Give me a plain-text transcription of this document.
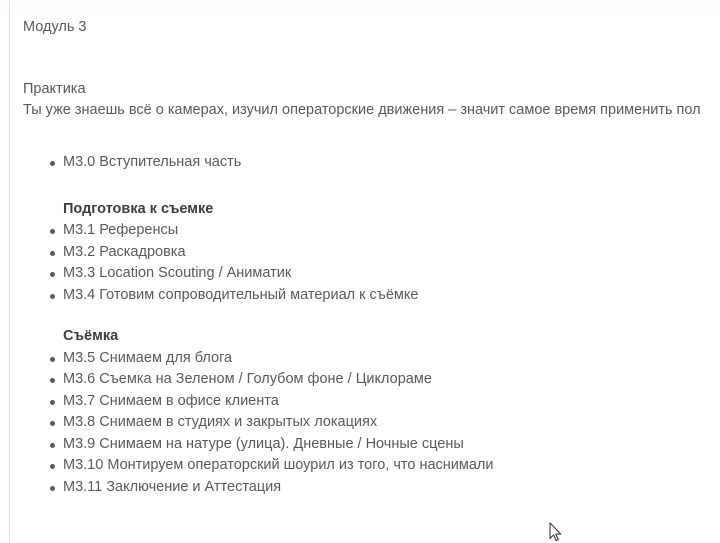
Модуль 3
Практика
Ты уже знаешь всё о камерах, изучил операторские движения – значит самое время применить пол
М3.0 Вступительная часть
Подготовка к съемке
М3.1 Референсы
М3.2 Раскадровка
М3.3 Location Scouting / Аниматик
М3.4 Готовим сопроводительный материал к съёмке
Съёмка
М3.5 Снимаем для блога
М3.6 Съемка на Зеленом / Голубом фоне / Циклораме
М3.7 Снимаем в офисе клиента
М3.8 Снимаем в студиях и закрытых локациях
М3.9 Снимаем на натуре (улица). Дневные / Ночные сцены
М3.10 Монтируем операторский шоурил из того, что наснимали
М3.11 Заключение и Аттестация
